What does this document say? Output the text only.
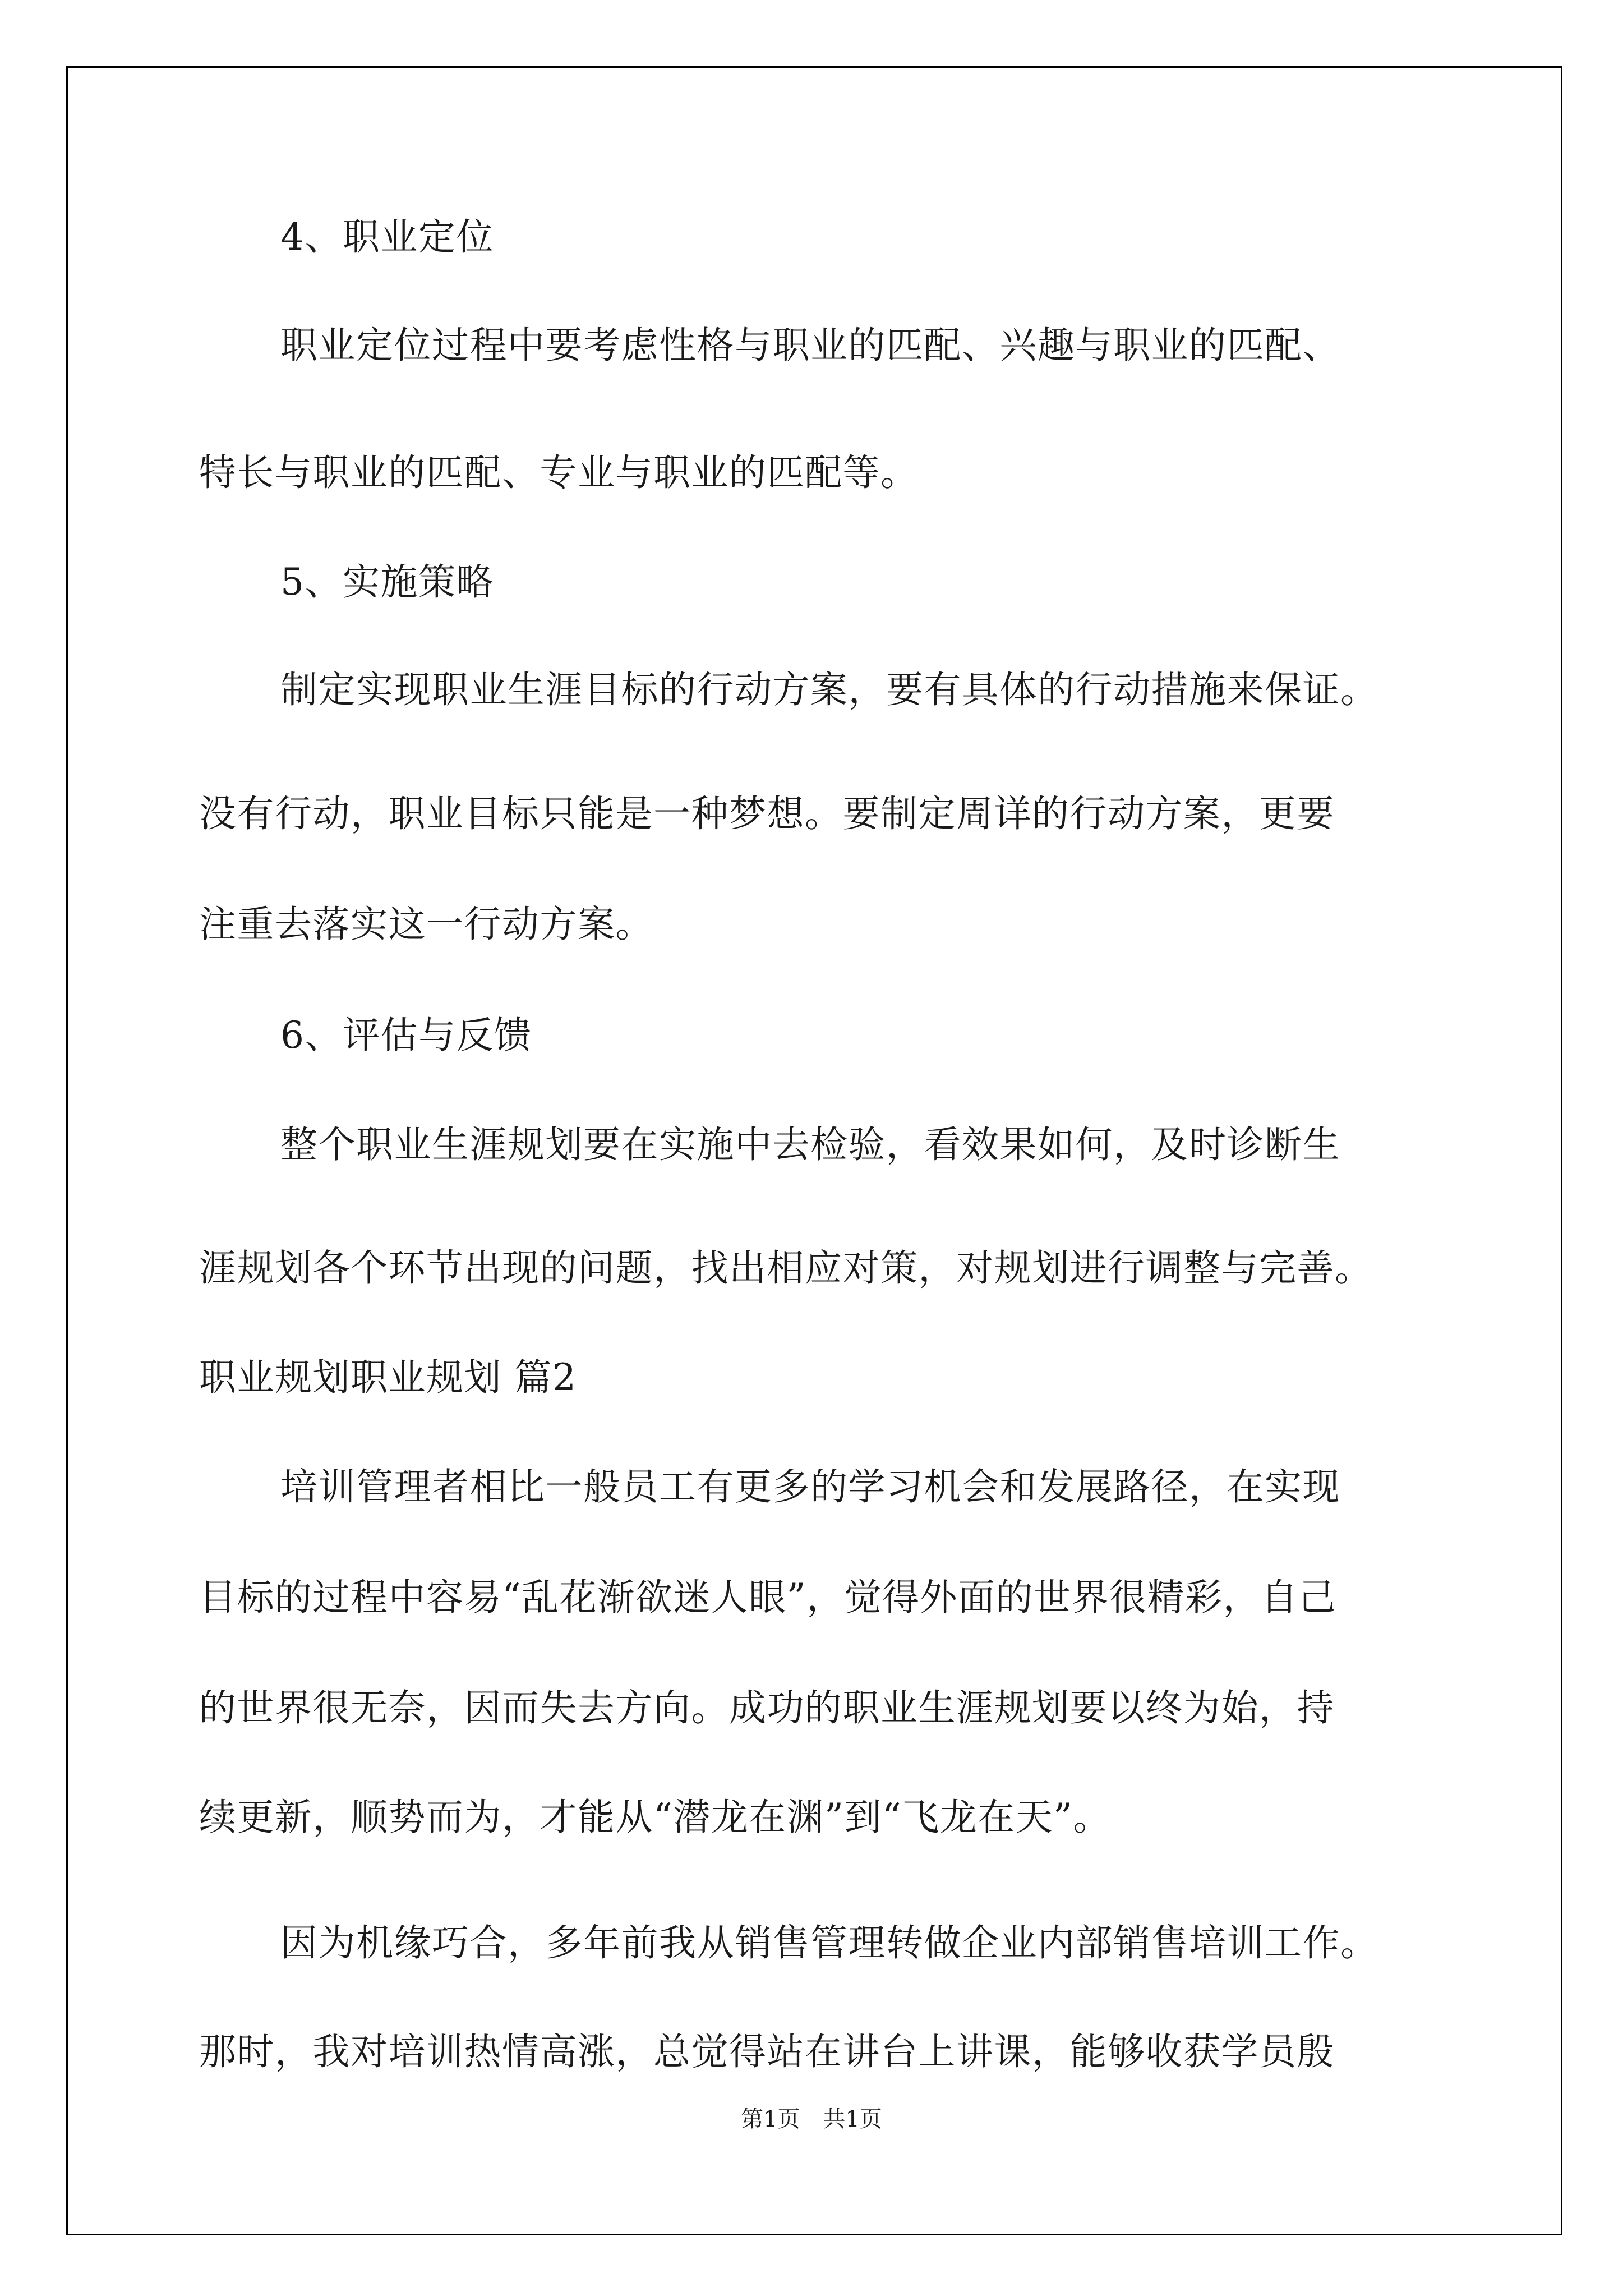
4、职业定位
职业定位过程中要考虑性格与职业的匹配、兴趣与职业的匹配、
特长与职业的匹配、专业与职业的匹配等。
5、实施策略
制定实现职业生涯目标的行动方案，要有具体的行动措施来保证。
没有行动，职业目标只能是一种梦想。要制定周详的行动方案，更要
注重去落实这一行动方案。
6、评估与反馈
整个职业生涯规划要在实施中去检验，看效果如何，及时诊断生
涯规划各个环节出现的问题，找出相应对策，对规划进行调整与完善。
职业规划职业规划 篇2
培训管理者相比一般员工有更多的学习机会和发展路径，在实现
目标的过程中容易“乱花渐欲迷人眼”，觉得外面的世界很精彩，自己
的世界很无奈，因而失去方向。成功的职业生涯规划要以终为始，持
续更新，顺势而为，才能从“潜龙在渊”到“飞龙在天”。
因为机缘巧合，多年前我从销售管理转做企业内部销售培训工作。
那时，我对培训热情高涨，总觉得站在讲台上讲课，能够收获学员殷
第1页 共1页
